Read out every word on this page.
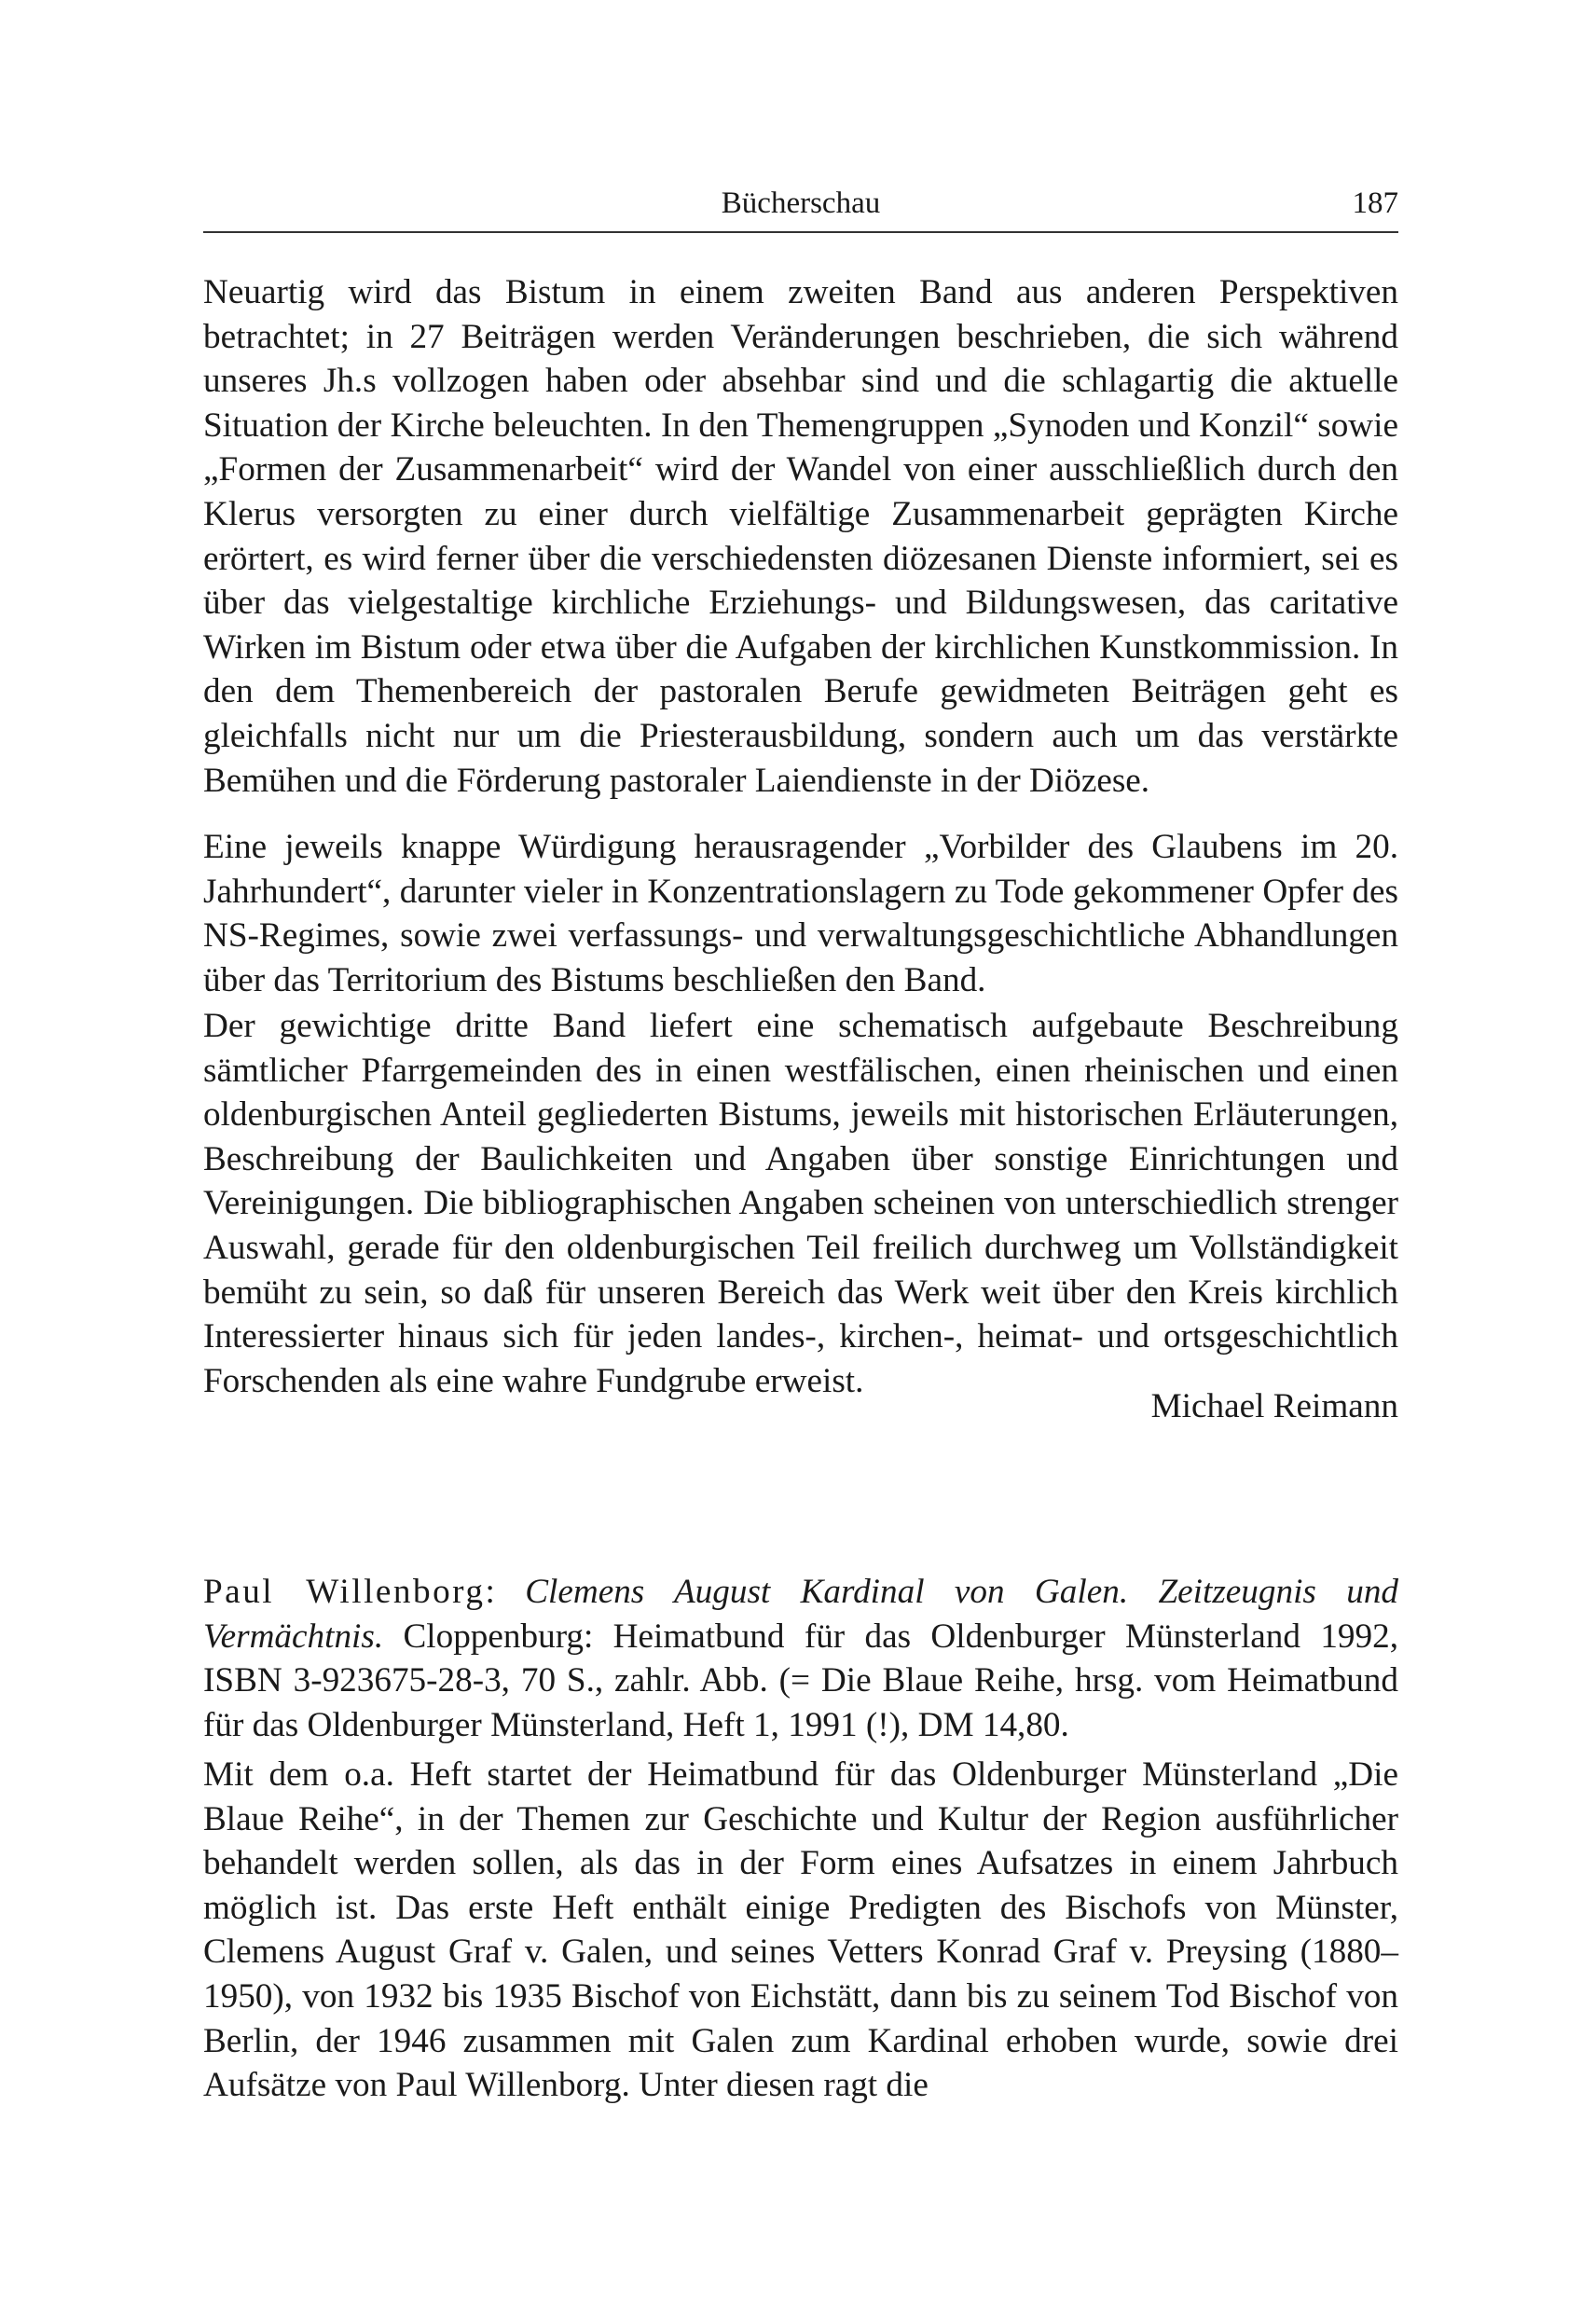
Bücherschau	187

Neuartig wird das Bistum in einem zweiten Band aus anderen Perspektiven betrachtet; in 27 Beiträgen werden Veränderungen beschrieben, die sich während unseres Jh.s vollzogen haben oder absehbar sind und die schlagartig die aktuelle Situation der Kirche beleuchten. In den Themengruppen „Synoden und Konzil“ sowie „Formen der Zusammenarbeit“ wird der Wandel von einer ausschließlich durch den Klerus versorgten zu einer durch vielfältige Zusammenarbeit geprägten Kirche erörtert, es wird ferner über die verschiedensten diözesanen Dienste informiert, sei es über das vielgestaltige kirchliche Erziehungs- und Bildungswesen, das caritative Wirken im Bistum oder etwa über die Aufgaben der kirchlichen Kunstkommission. In den dem Themenbereich der pastoralen Berufe gewidmeten Beiträgen geht es gleichfalls nicht nur um die Priesterausbildung, sondern auch um das verstärkte Bemühen und die Förderung pastoraler Laiendienste in der Diözese.

Eine jeweils knappe Würdigung herausragender „Vorbilder des Glaubens im 20. Jahrhundert“, darunter vieler in Konzentrationslagern zu Tode gekommener Opfer des NS-Regimes, sowie zwei verfassungs- und verwaltungsgeschichtliche Abhandlungen über das Territorium des Bistums beschließen den Band.

Der gewichtige dritte Band liefert eine schematisch aufgebaute Beschreibung sämtlicher Pfarrgemeinden des in einen westfälischen, einen rheinischen und einen oldenburgischen Anteil gegliederten Bistums, jeweils mit historischen Erläuterungen, Beschreibung der Baulichkeiten und Angaben über sonstige Einrichtungen und Vereinigungen. Die bibliographischen Angaben scheinen von unterschiedlich strenger Auswahl, gerade für den oldenburgischen Teil freilich durchweg um Vollständigkeit bemüht zu sein, so daß für unseren Bereich das Werk weit über den Kreis kirchlich Interessierter hinaus sich für jeden landes-, kirchen-, heimat- und ortsgeschichtlich Forschenden als eine wahre Fundgrube erweist.

Michael Reimann

Paul Willenborg: Clemens August Kardinal von Galen. Zeitzeugnis und Vermächtnis. Cloppenburg: Heimatbund für das Oldenburger Münsterland 1992, ISBN 3-923675-28-3, 70 S., zahlr. Abb. (= Die Blaue Reihe, hrsg. vom Heimatbund für das Oldenburger Münsterland, Heft 1, 1991 (!), DM 14,80.

Mit dem o.a. Heft startet der Heimatbund für das Oldenburger Münsterland „Die Blaue Reihe“, in der Themen zur Geschichte und Kultur der Region ausführlicher behandelt werden sollen, als das in der Form eines Aufsatzes in einem Jahrbuch möglich ist. Das erste Heft enthält einige Predigten des Bischofs von Münster, Clemens August Graf v. Galen, und seines Vetters Konrad Graf v. Preysing (1880–1950), von 1932 bis 1935 Bischof von Eichstätt, dann bis zu seinem Tod Bischof von Berlin, der 1946 zusammen mit Galen zum Kardinal erhoben wurde, sowie drei Aufsätze von Paul Willenborg. Unter diesen ragt die
